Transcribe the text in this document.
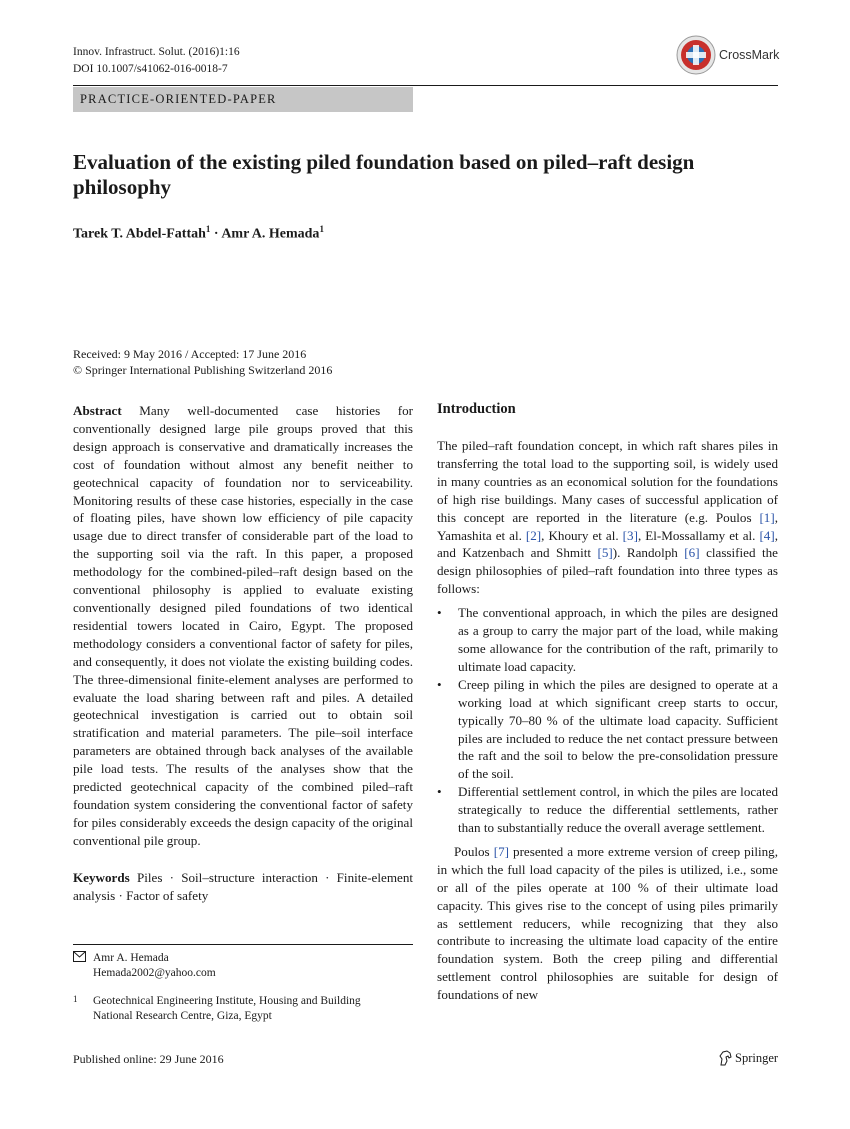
Innov. Infrastruct. Solut. (2016)1:16
DOI 10.1007/s41062-016-0018-7
CrossMark
PRACTICE-ORIENTED-PAPER
Evaluation of the existing piled foundation based on piled–raft design philosophy
Tarek T. Abdel-Fattah$^1$ · Amr A. Hemada$^1$
Received: 9 May 2016 / Accepted: 17 June 2016
© Springer International Publishing Switzerland 2016

Abstract Many well-documented case histories for conventionally designed large pile groups proved that this design approach is conservative and dramatically increases the cost of foundation without almost any benefit neither to geotechnical capacity of foundation nor to serviceability. Monitoring results of these case histories, especially in the case of floating piles, have shown low efficiency of pile capacity usage due to direct transfer of considerable part of the load to the supporting soil via the raft. In this paper, a proposed methodology for the combined-piled–raft design based on the conventional philosophy is applied to evaluate existing conventionally designed piled foundations of two identical residential towers located in Cairo, Egypt. The proposed methodology considers a conventional factor of safety for piles, and consequently, it does not violate the existing building codes. The three-dimensional finite-element analyses are performed to evaluate the load sharing between raft and piles. A detailed geotechnical investigation is carried out to obtain soil stratification and material parameters. The pile–soil interface parameters are obtained through back analyses of the available pile load tests. The results of the analyses show that the predicted geotechnical capacity of the combined piled–raft foundation system considering the conventional factor of safety for piles considerably exceeds the design capacity of the original conventional pile group.

Keywords Piles · Soil–structure interaction · Finite-element analysis · Factor of safety

Amr A. Hemada
Hemada2002@yahoo.com
1 Geotechnical Engineering Institute, Housing and Building National Research Centre, Giza, Egypt
Introduction

The piled–raft foundation concept, in which raft shares piles in transferring the total load to the supporting soil, is widely used in many countries as an economical solution for the foundations of high rise buildings. Many cases of successful application of this concept are reported in the literature (e.g. Poulos [1], Yamashita et al. [2], Khoury et al. [3], El-Mossallamy et al. [4], and Katzenbach and Shmitt [5]). Randolph [6] classified the design philosophies of piled–raft foundation into three types as follows:

• The conventional approach, in which the piles are designed as a group to carry the major part of the load, while making some allowance for the contribution of the raft, primarily to ultimate load capacity.
• Creep piling in which the piles are designed to operate at a working load at which significant creep starts to occur, typically 70–80 % of the ultimate load capacity. Sufficient piles are included to reduce the net contact pressure between the raft and the soil to below the pre-consolidation pressure of the soil.
• Differential settlement control, in which the piles are located strategically to reduce the differential settlements, rather than to substantially reduce the overall average settlement.

Poulos [7] presented a more extreme version of creep piling, in which the full load capacity of the piles is utilized, i.e., some or all of the piles operate at 100 % of their ultimate load capacity. This gives rise to the concept of using piles primarily as settlement reducers, while recognizing that they also contribute to increasing the ultimate load capacity of the entire foundation system. Both the creep piling and differential settlement control philosophies are suitable for design of foundations of new

Published online: 29 June 2016	Springer
